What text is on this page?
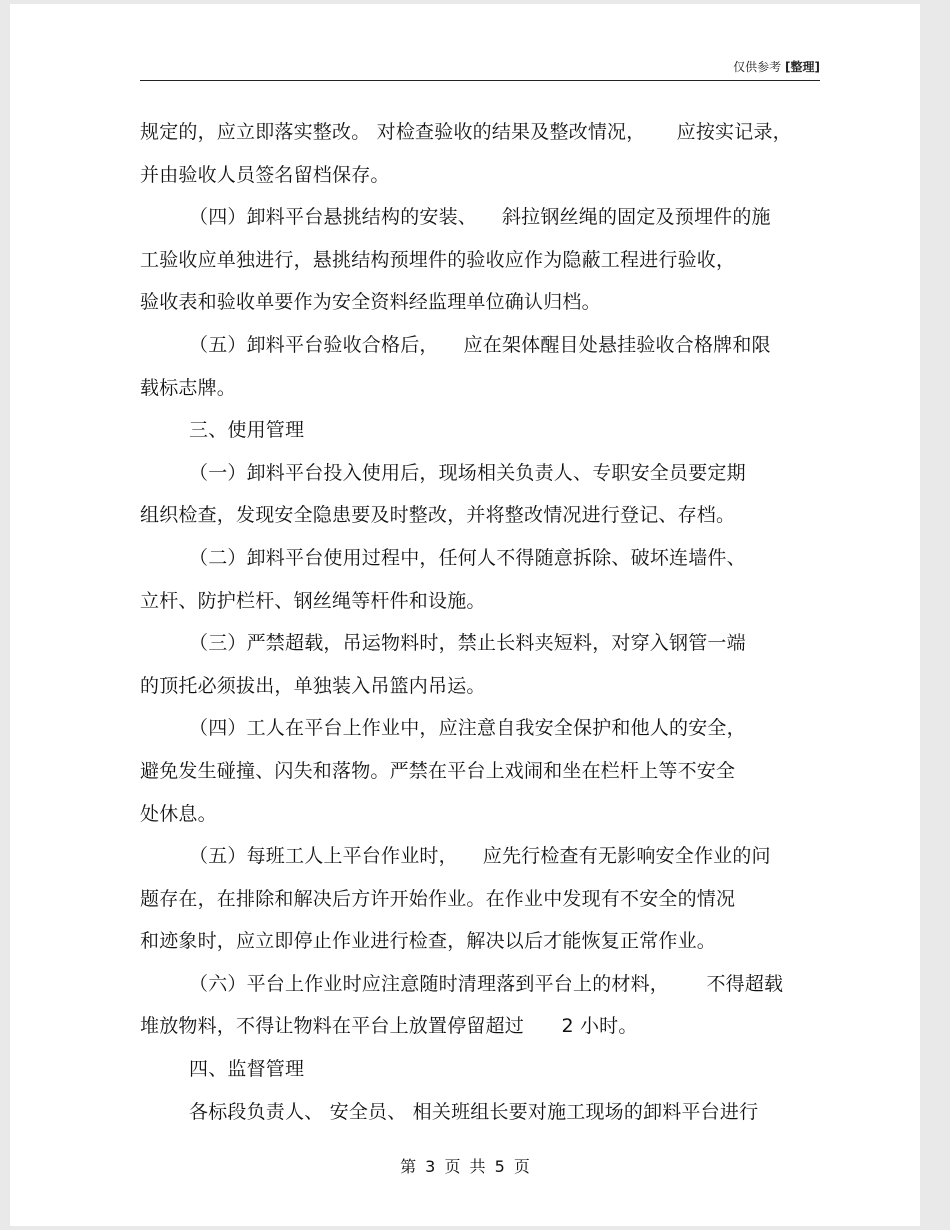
仅供参考 [整理]
规定的，应立即落实整改。 对检查验收的结果及整改情况，     应按实记录，
并由验收人员签名留档保存。
（四）卸料平台悬挑结构的安装、    斜拉钢丝绳的固定及预埋件的施
工验收应单独进行，悬挑结构预埋件的验收应作为隐蔽工程进行验收，
验收表和验收单要作为安全资料经监理单位确认归档。
（五）卸料平台验收合格后，    应在架体醒目处悬挂验收合格牌和限
载标志牌。
三、使用管理
（一）卸料平台投入使用后，现场相关负责人、专职安全员要定期
组织检查，发现安全隐患要及时整改，并将整改情况进行登记、存档。
（二）卸料平台使用过程中，任何人不得随意拆除、破坏连墙件、
立杆、防护栏杆、钢丝绳等杆件和设施。
（三）严禁超载，吊运物料时，禁止长料夹短料，对穿入钢管一端
的顶托必须拔出，单独装入吊篮内吊运。
（四）工人在平台上作业中，应注意自我安全保护和他人的安全，
避免发生碰撞、闪失和落物。严禁在平台上戏闹和坐在栏杆上等不安全
处休息。
（五）每班工人上平台作业时，    应先行检查有无影响安全作业的问
题存在，在排除和解决后方许开始作业。在作业中发现有不安全的情况
和迹象时，应立即停止作业进行检查，解决以后才能恢复正常作业。
（六）平台上作业时应注意随时清理落到平台上的材料，      不得超载
堆放物料，不得让物料在平台上放置停留超过      2 小时。
四、监督管理
各标段负责人、 安全员、 相关班组长要对施工现场的卸料平台进行
第 3 页 共 5 页
